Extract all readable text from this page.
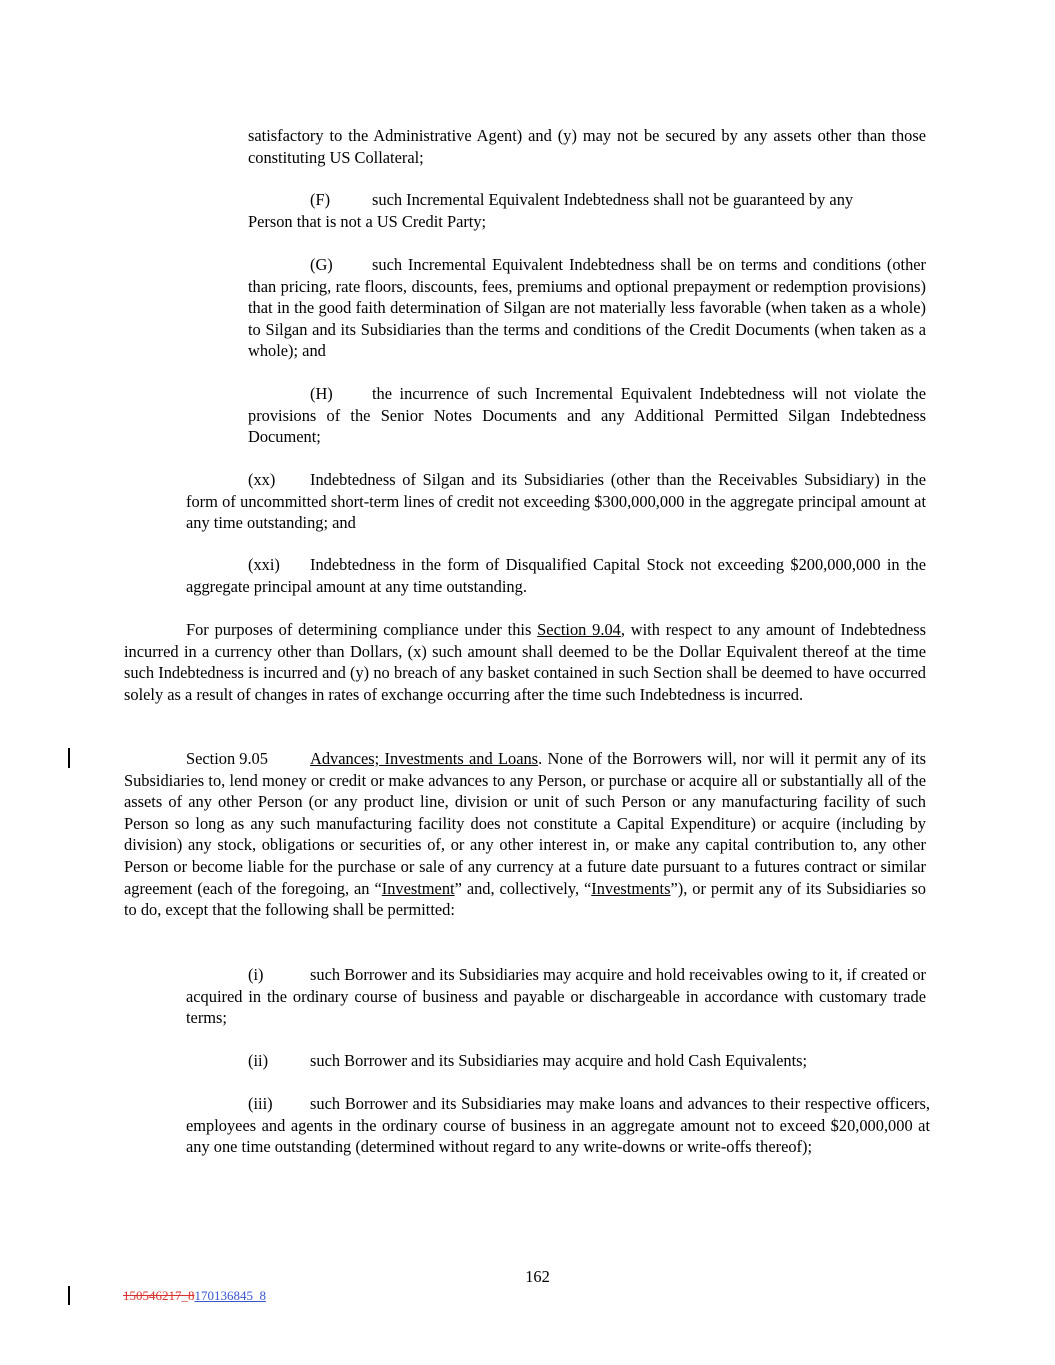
satisfactory to the Administrative Agent) and (y) may not be secured by any assets other than those constituting US Collateral;

(F)	such Incremental Equivalent Indebtedness shall not be guaranteed by any
Person that is not a US Credit Party;

(G) such Incremental Equivalent Indebtedness shall be on terms and conditions (other than pricing, rate floors, discounts, fees, premiums and optional prepayment or redemption provisions) that in the good faith determination of Silgan are not materially less favorable (when taken as a whole) to Silgan and its Subsidiaries than the terms and conditions of the Credit Documents (when taken as a whole); and

(H) the incurrence of such Incremental Equivalent Indebtedness will not violate the provisions of the Senior Notes Documents and any Additional Permitted Silgan Indebtedness Document;

(xx) Indebtedness of Silgan and its Subsidiaries (other than the Receivables Subsidiary) in the form of uncommitted short-term lines of credit not exceeding $300,000,000 in the aggregate principal amount at any time outstanding; and

(xxi) Indebtedness in the form of Disqualified Capital Stock not exceeding $200,000,000 in the aggregate principal amount at any time outstanding.

For purposes of determining compliance under this Section 9.04, with respect to any amount of Indebtedness incurred in a currency other than Dollars, (x) such amount shall deemed to be the Dollar Equivalent thereof at the time such Indebtedness is incurred and (y) no breach of any basket contained in such Section shall be deemed to have occurred solely as a result of changes in rates of exchange occurring after the time such Indebtedness is incurred.

Section 9.05	Advances; Investments and Loans. None of the Borrowers will, nor will it permit any of its Subsidiaries to, lend money or credit or make advances to any Person, or purchase or acquire all or substantially all of the assets of any other Person (or any product line, division or unit of such Person or any manufacturing facility of such Person so long as any such manufacturing facility does not constitute a Capital Expenditure) or acquire (including by division) any stock, obligations or securities of, or any other interest in, or make any capital contribution to, any other Person or become liable for the purchase or sale of any currency at a future date pursuant to a futures contract or similar agreement (each of the foregoing, an “Investment” and, collectively, “Investments”), or permit any of its Subsidiaries so to do, except that the following shall be permitted:

(i)	such Borrower and its Subsidiaries may acquire and hold receivables owing to it, if created or acquired in the ordinary course of business and payable or dischargeable in accordance with customary trade terms;

(ii)	such Borrower and its Subsidiaries may acquire and hold Cash Equivalents;

(iii) such Borrower and its Subsidiaries may make loans and advances to their respective officers, employees and agents in the ordinary course of business in an aggregate amount not to exceed $20,000,000 at any one time outstanding (determined without regard to any write-downs or write-offs thereof);

162
150546217_8170136845_8
